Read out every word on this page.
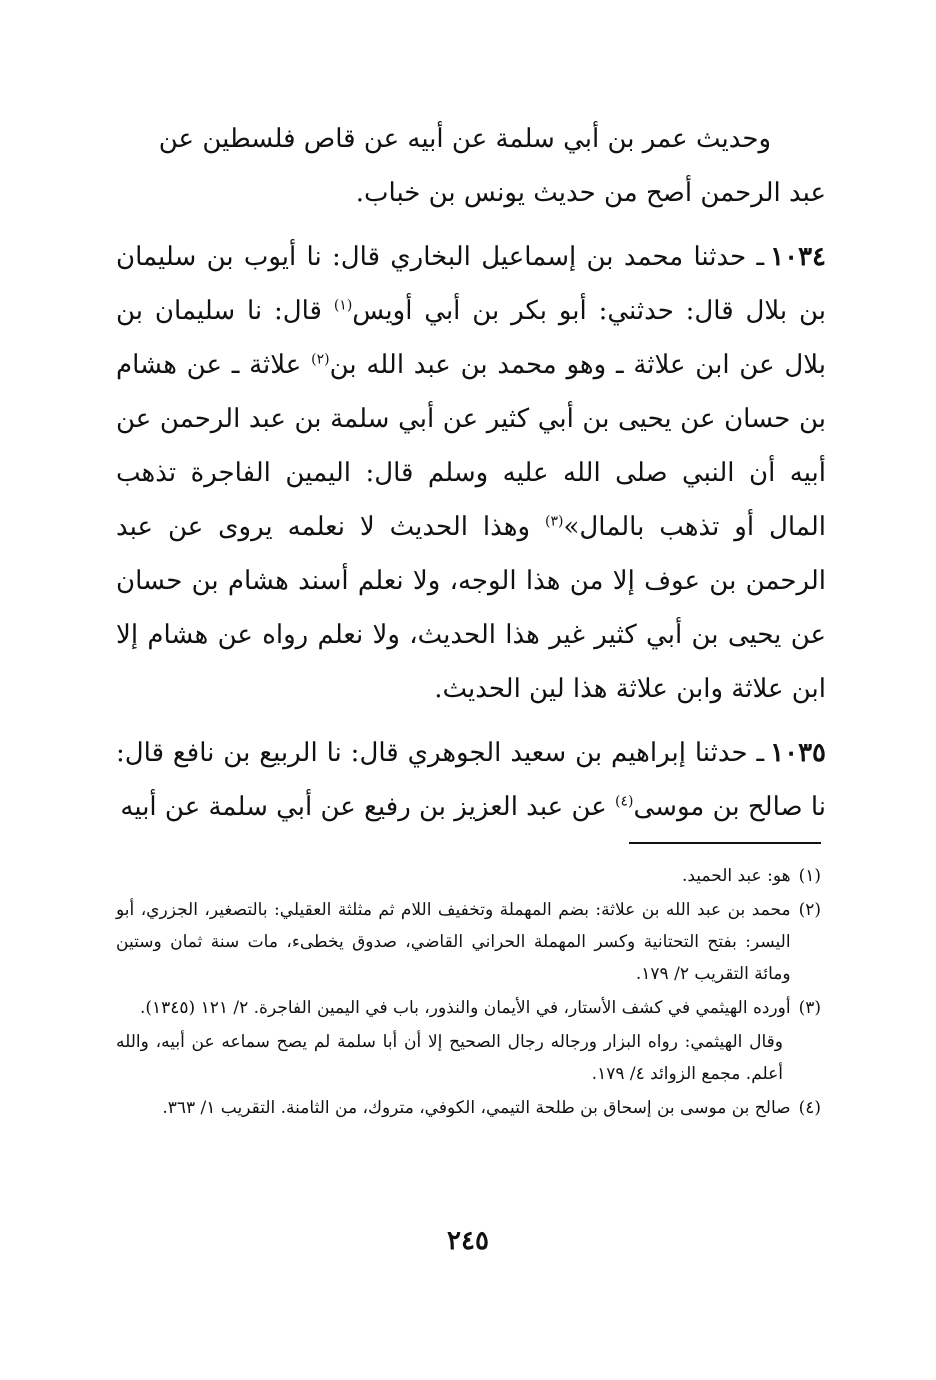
وحديث عمر بن أبي سلمة عن أبيه عن قاص فلسطين عن
عبد الرحمن أصح من حديث يونس بن خباب.

١٠٣٤ـ حدثنا محمد بن إسماعيل البخاري قال: نا أيوب بن سليمان بن بلال قال: حدثني: أبو بكر بن أبي أويس$^{(١)}$ قال: نا سليمان بن بلال عن ابن علاثة ـ وهو محمد بن عبد الله بن$^{(٢)}$ علاثة ـ عن هشام بن حسان عن يحيى بن أبي كثير عن أبي سلمة بن عبد الرحمن عن أبيه أن النبي صلى الله عليه وسلم قال: اليمين الفاجرة تذهب المال أو تذهب بالمال»$^{(٣)}$ وهذا الحديث لا نعلمه يروى عن عبد الرحمن بن عوف إلا من هذا الوجه، ولا نعلم أسند هشام بن حسان عن يحيى بن أبي كثير غير هذا الحديث، ولا نعلم رواه عن هشام إلا ابن علاثة وابن علاثة هذا لين الحديث.

١٠٣٥ـ حدثنا إبراهيم بن سعيد الجوهري قال: نا الربيع بن نافع قال: نا صالح بن موسى$^{(٤)}$ عن عبد العزيز بن رفيع عن أبي سلمة عن أبيه

(١)
هو: عبد الحميد.
(٢)
محمد بن عبد الله بن علاثة: بضم المهملة وتخفيف اللام ثم مثلثة العقيلي: بالتصغير، الجزري، أبو اليسر: بفتح التحتانية وكسر المهملة الحراني القاضي، صدوق يخطىء، مات سنة ثمان وستين ومائة التقريب ٢/ ١٧٩.
(٣)
أورده الهيثمي في كشف الأستار، في الأيمان والنذور، باب في اليمين الفاجرة. ٢/ ١٢١ (١٣٤٥).
وقال الهيثمي: رواه البزار ورجاله رجال الصحيح إلا أن أبا سلمة لم يصح سماعه عن أبيه، والله أعلم. مجمع الزوائد ٤/ ١٧٩.
(٤)
صالح بن موسى بن إسحاق بن طلحة التيمي، الكوفي، متروك، من الثامنة. التقريب ١/ ٣٦٣.
٢٤٥
